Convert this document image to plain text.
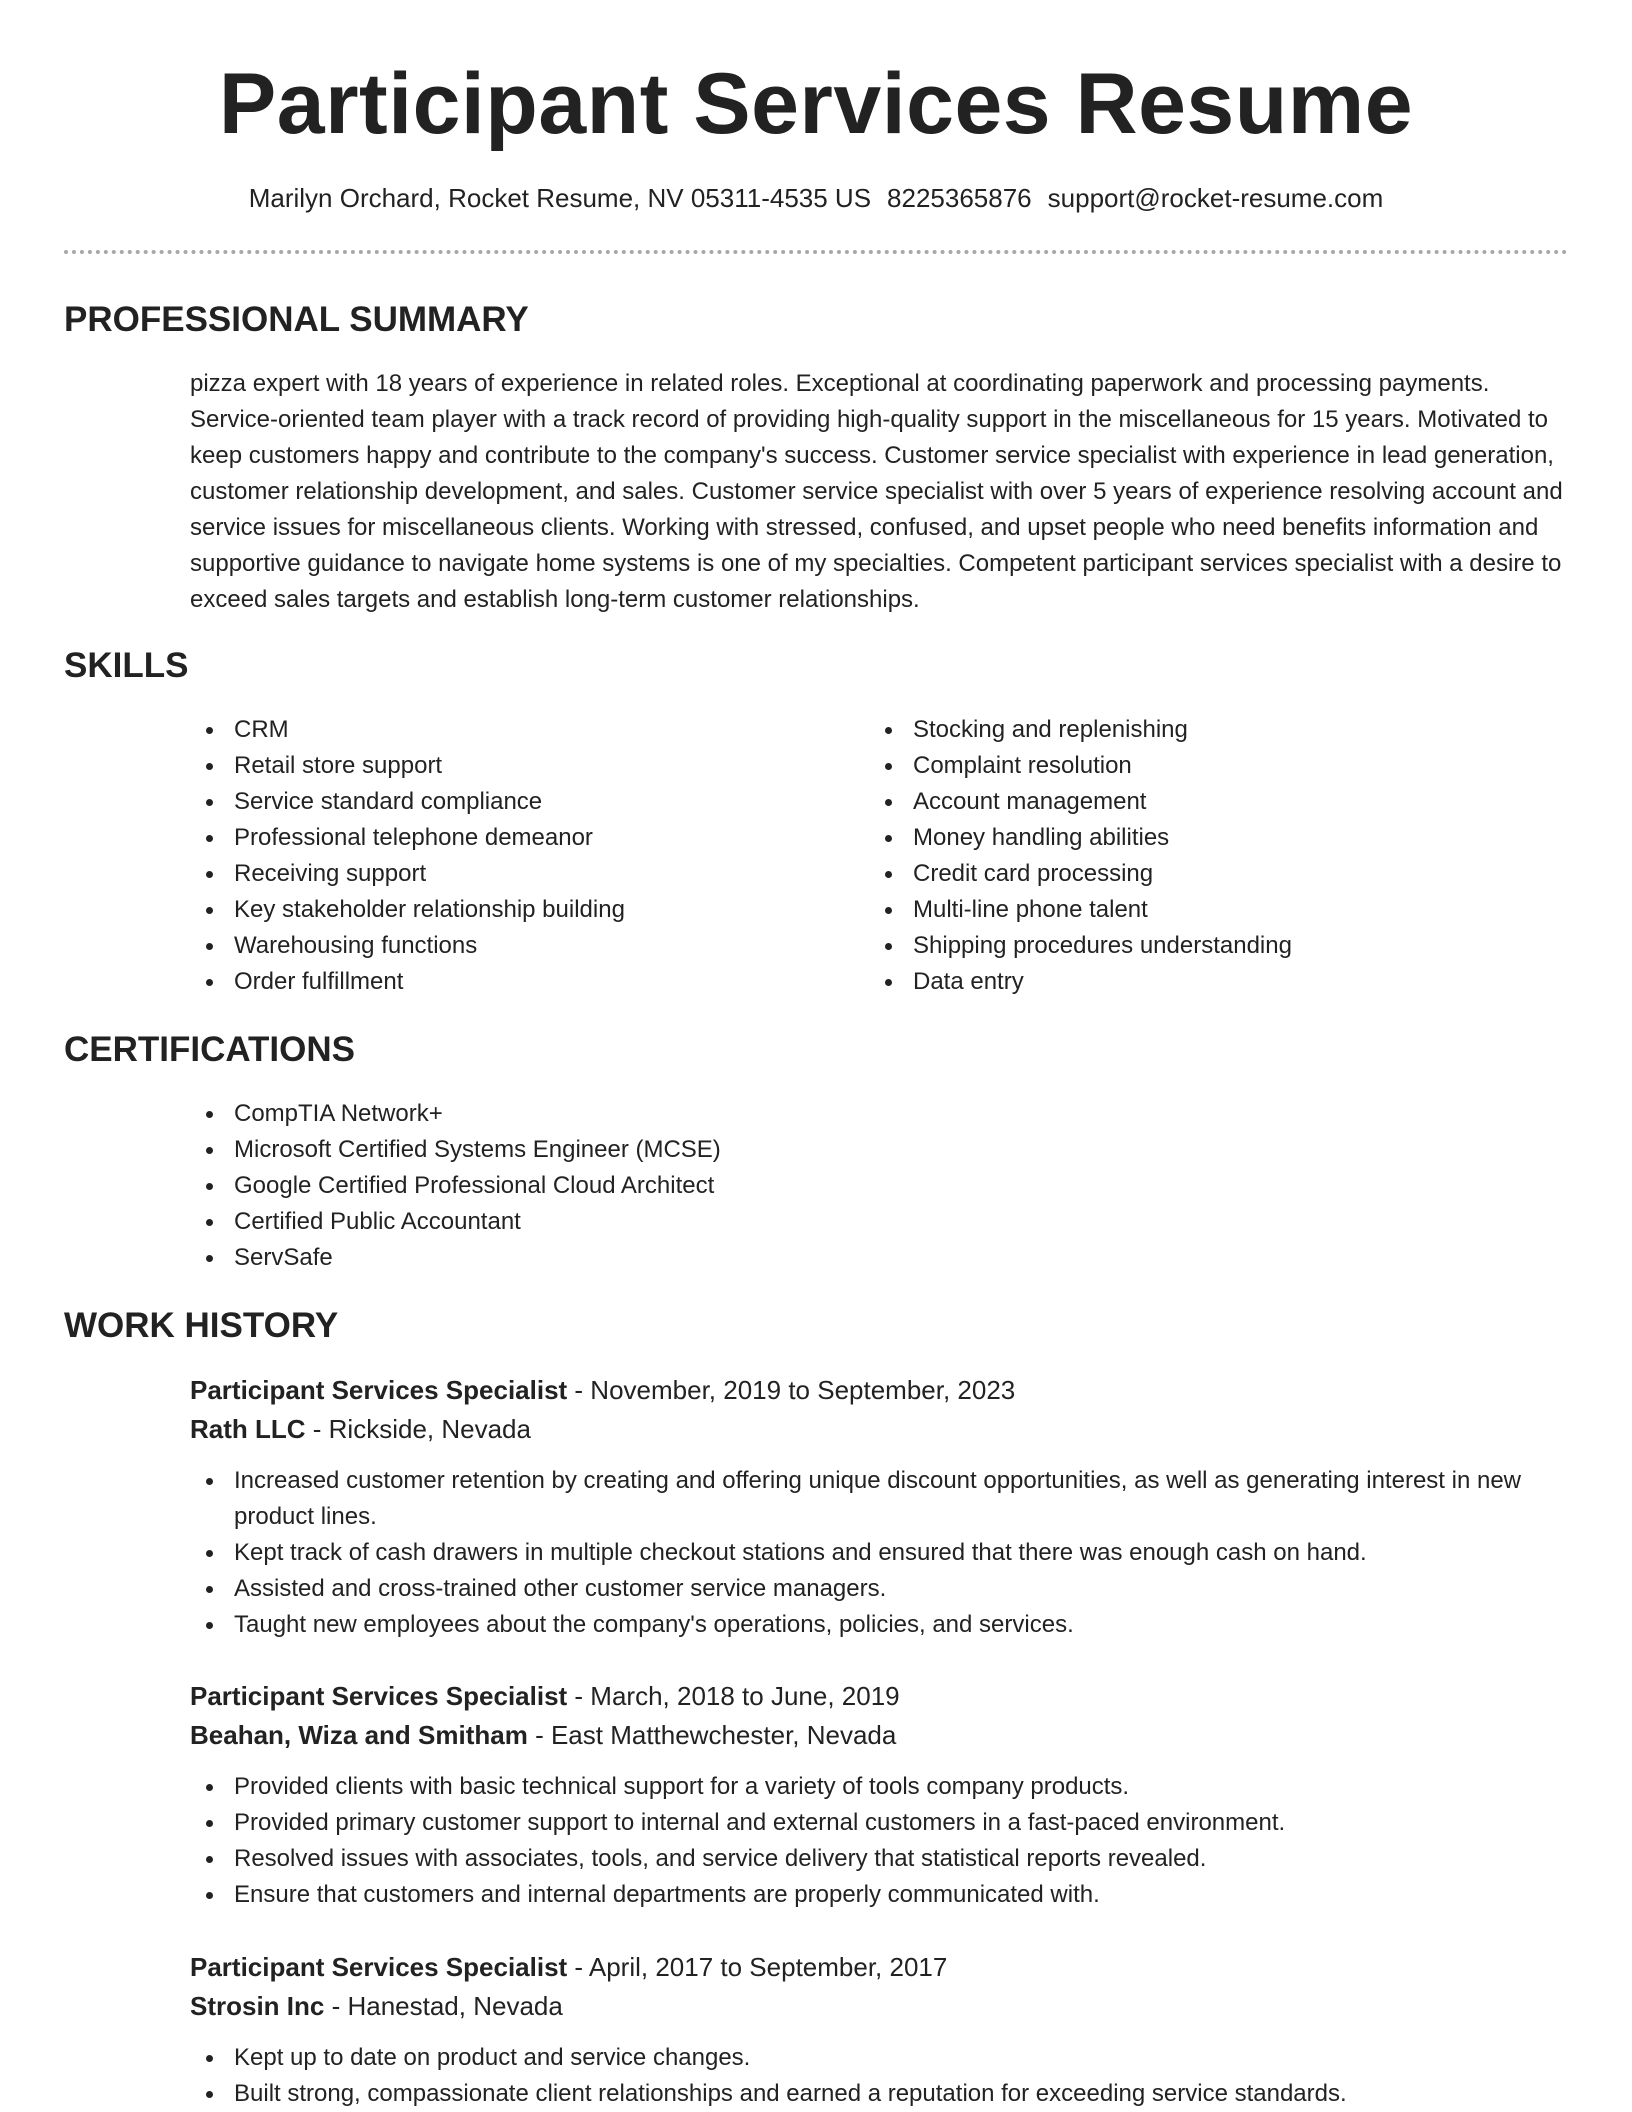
Participant Services Resume
Marilyn Orchard, Rocket Resume, NV 05311-4535 US 8225365876 support@rocket-resume.com
PROFESSIONAL SUMMARY

pizza expert with 18 years of experience in related roles. Exceptional at coordinating paperwork and processing payments. Service-oriented team player with a track record of providing high-quality support in the miscellaneous for 15 years. Motivated to keep customers happy and contribute to the company's success. Customer service specialist with experience in lead generation, customer relationship development, and sales. Customer service specialist with over 5 years of experience resolving account and service issues for miscellaneous clients. Working with stressed, confused, and upset people who need benefits information and supportive guidance to navigate home systems is one of my specialties. Competent participant services specialist with a desire to exceed sales targets and establish long-term customer relationships.

SKILLS
CRM
Retail store support
Service standard compliance
Professional telephone demeanor
Receiving support
Key stakeholder relationship building
Warehousing functions
Order fulfillment
Stocking and replenishing
Complaint resolution
Account management
Money handling abilities
Credit card processing
Multi-line phone talent
Shipping procedures understanding
Data entry
CERTIFICATIONS
CompTIA Network+
Microsoft Certified Systems Engineer (MCSE)
Google Certified Professional Cloud Architect
Certified Public Accountant
ServSafe
WORK HISTORY

Participant Services Specialist - November, 2019 to September, 2023

Rath LLC - Rickside, Nevada

Increased customer retention by creating and offering unique discount opportunities, as well as generating interest in new product lines.
Kept track of cash drawers in multiple checkout stations and ensured that there was enough cash on hand.
Assisted and cross-trained other customer service managers.
Taught new employees about the company's operations, policies, and services.

Participant Services Specialist - March, 2018 to June, 2019

Beahan, Wiza and Smitham - East Matthewchester, Nevada

Provided clients with basic technical support for a variety of tools company products.
Provided primary customer support to internal and external customers in a fast-paced environment.
Resolved issues with associates, tools, and service delivery that statistical reports revealed.
Ensure that customers and internal departments are properly communicated with.

Participant Services Specialist - April, 2017 to September, 2017

Strosin Inc - Hanestad, Nevada

Kept up to date on product and service changes.
Built strong, compassionate client relationships and earned a reputation for exceeding service standards.
